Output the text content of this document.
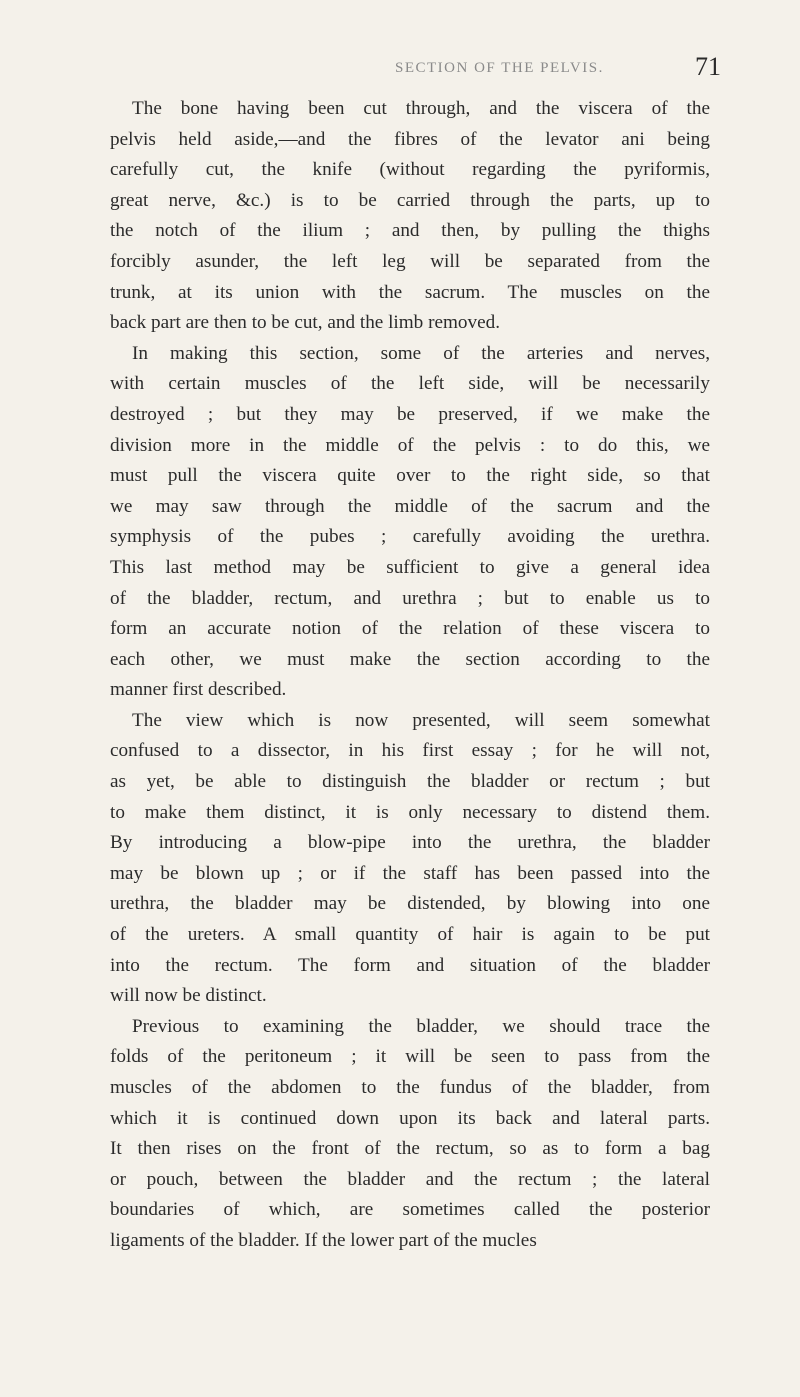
SECTION OF THE PELVIS.	71
The bone having been cut through, and the viscera of the
pelvis held aside,—and the fibres of the levator ani being
carefully cut, the knife (without regarding the pyriformis,
great nerve, &c.) is to be carried through the parts, up to
the notch of the ilium ; and then, by pulling the thighs
forcibly asunder, the left leg will be separated from the
trunk, at its union with the sacrum. The muscles on the
back part are then to be cut, and the limb removed.
In making this section, some of the arteries and nerves,
with certain muscles of the left side, will be necessarily
destroyed ; but they may be preserved, if we make the
division more in the middle of the pelvis : to do this, we
must pull the viscera quite over to the right side, so that
we may saw through the middle of the sacrum and the
symphysis of the pubes ; carefully avoiding the urethra.
This last method may be sufficient to give a general idea
of the bladder, rectum, and urethra ; but to enable us to
form an accurate notion of the relation of these viscera to
each other, we must make the section according to the
manner first described.
The view which is now presented, will seem somewhat
confused to a dissector, in his first essay ; for he will not,
as yet, be able to distinguish the bladder or rectum ; but
to make them distinct, it is only necessary to distend them.
By introducing a blow-pipe into the urethra, the bladder
may be blown up ; or if the staff has been passed into the
urethra, the bladder may be distended, by blowing into one
of the ureters. A small quantity of hair is again to be put
into the rectum. The form and situation of the bladder
will now be distinct.
Previous to examining the bladder, we should trace the
folds of the peritoneum ; it will be seen to pass from the
muscles of the abdomen to the fundus of the bladder, from
which it is continued down upon its back and lateral parts.
It then rises on the front of the rectum, so as to form a bag
or pouch, between the bladder and the rectum ; the lateral
boundaries of which, are sometimes called the posterior
ligaments of the bladder. If the lower part of the mucles
